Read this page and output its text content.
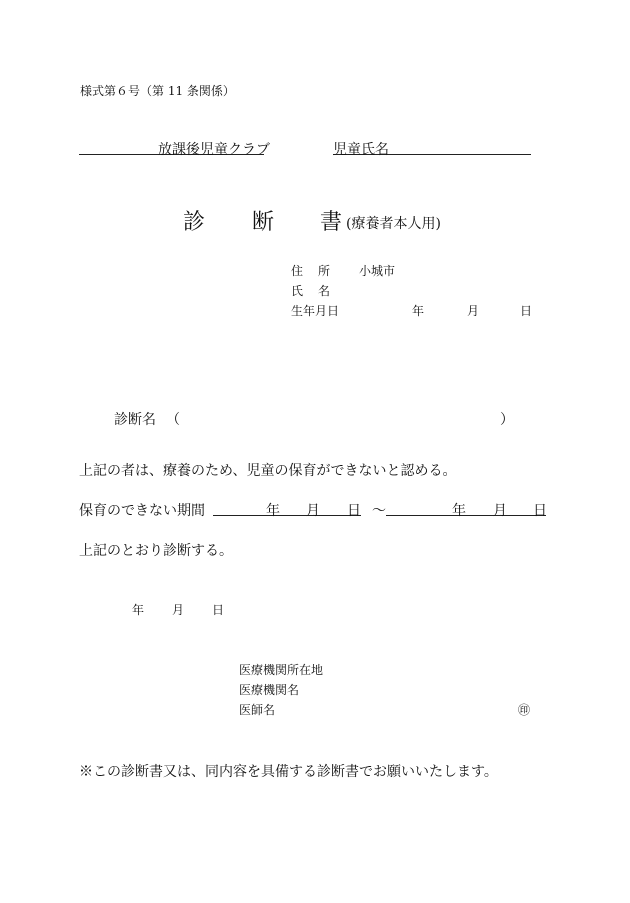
様式第６号（第 11 条関係）
放課後児童クラブ	児童氏名
診 断 書 (療養者本人用)
住 所 小城市
氏 名
生年月日	年	月	日
診断名 （	）
上記の者は、療養のため、児童の保育ができないと認める。
保育のできない期間	年 月 日 ～	年 月 日
上記のとおり診断する。
年 月 日
医療機関所在地
医療機関名
医師名	㊞
※この診断書又は、同内容を具備する診断書でお願いいたします。
